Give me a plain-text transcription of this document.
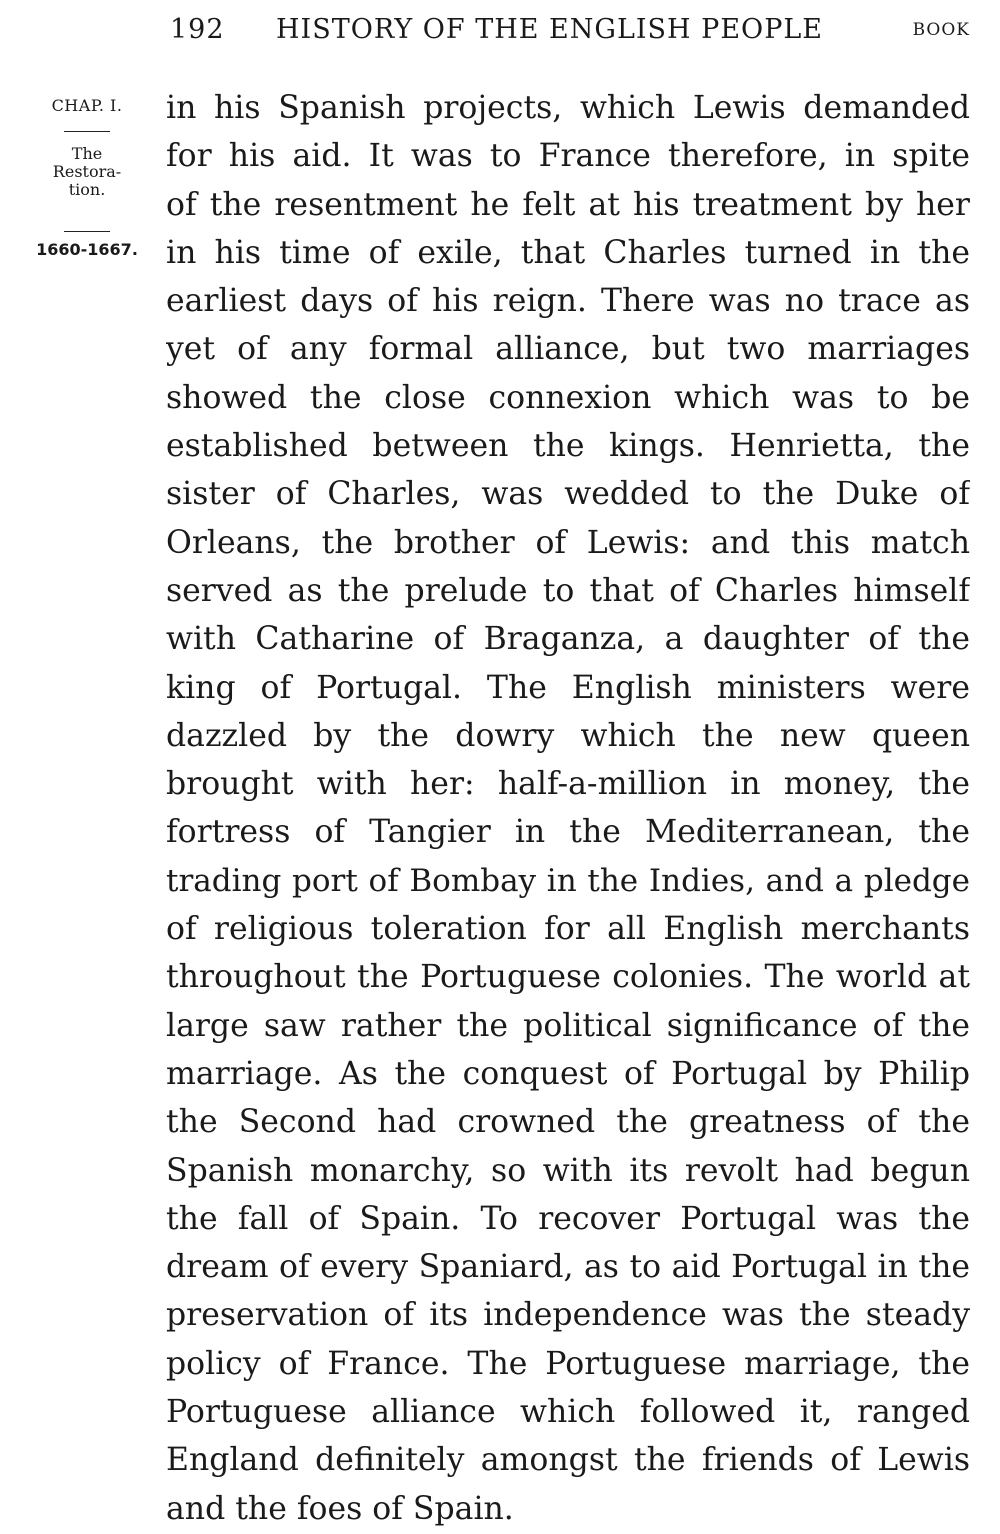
192 HISTORY OF THE ENGLISH PEOPLE	BOOK
CHAP. I.
The
Restora-
tion.
1660-1667.
in his Spanish projects, which Lewis demanded
for his aid. It was to France therefore, in spite
of the resentment he felt at his treatment by her
in his time of exile, that Charles turned in the
earliest days of his reign. There was no trace as
yet of any formal alliance, but two marriages
showed the close connexion which was to be
established between the kings. Henrietta, the
sister of Charles, was wedded to the Duke of
Orleans, the brother of Lewis: and this match
served as the prelude to that of Charles himself
with Catharine of Braganza, a daughter of the
king of Portugal. The English ministers were
dazzled by the dowry which the new queen
brought with her: half-a-million in money, the
fortress of Tangier in the Mediterranean, the
trading port of Bombay in the Indies, and a pledge
of religious toleration for all English merchants
throughout the Portuguese colonies. The world at
large saw rather the political significance of the
marriage. As the conquest of Portugal by Philip
the Second had crowned the greatness of the
Spanish monarchy, so with its revolt had begun
the fall of Spain. To recover Portugal was the
dream of every Spaniard, as to aid Portugal in the
preservation of its independence was the steady
policy of France. The Portuguese marriage, the
Portuguese alliance which followed it, ranged
England definitely amongst the friends of Lewis
and the foes of Spain.
